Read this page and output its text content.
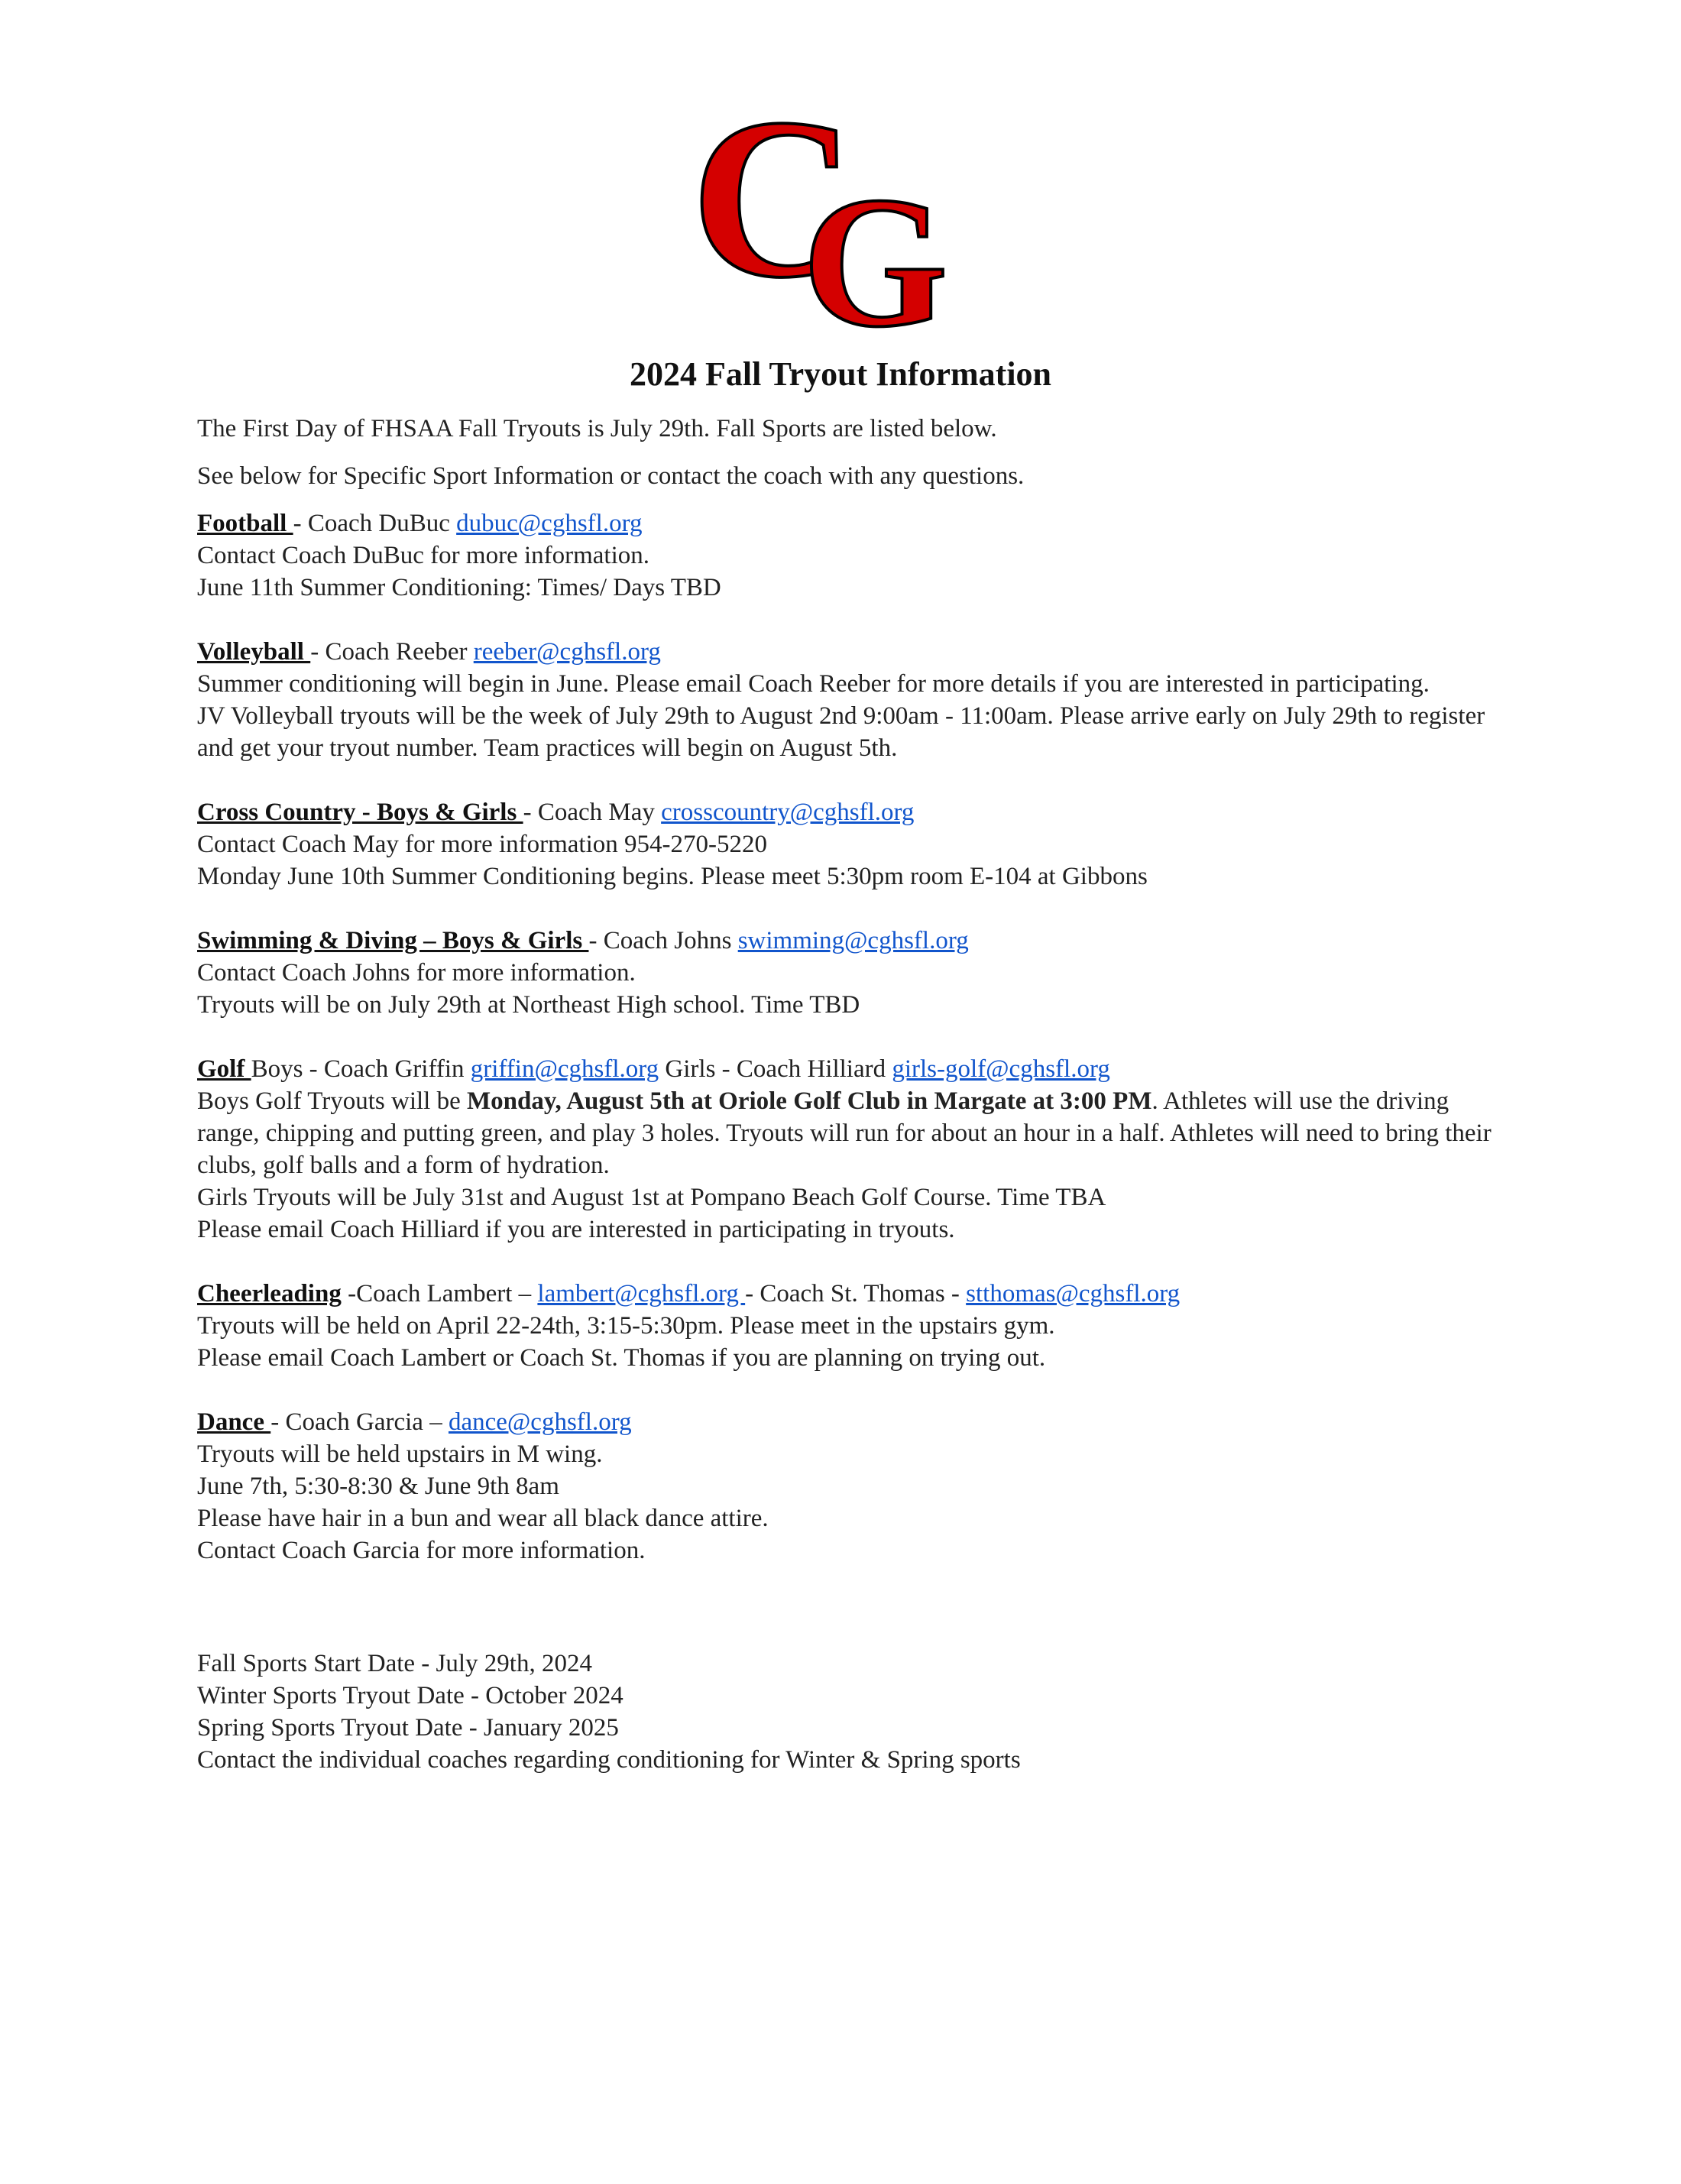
C
G
2024 Fall Tryout Information

The First Day of FHSAA Fall Tryouts is July 29th. Fall Sports are listed below.

See below for Specific Sport Information or contact the coach with any questions.

Football - Coach DuBuc dubuc@cghsfl.org
Contact Coach DuBuc for more information.
June 11th Summer Conditioning: Times/ Days TBD
Volleyball - Coach Reeber reeber@cghsfl.org
Summer conditioning will begin in June. Please email Coach Reeber for more details if you are interested in participating.
JV Volleyball tryouts will be the week of July 29th to August 2nd 9:00am - 11:00am. Please arrive early on July 29th to register and get your tryout number. Team practices will begin on August 5th.
Cross Country - Boys & Girls - Coach May crosscountry@cghsfl.org
Contact Coach May for more information 954-270-5220
Monday June 10th Summer Conditioning begins. Please meet 5:30pm room E-104 at Gibbons
Swimming & Diving – Boys & Girls - Coach Johns swimming@cghsfl.org
Contact Coach Johns for more information.
Tryouts will be on July 29th at Northeast High school. Time TBD
Golf Boys - Coach Griffin griffin@cghsfl.org Girls - Coach Hilliard girls-golf@cghsfl.org
Boys Golf Tryouts will be Monday, August 5th at Oriole Golf Club in Margate at 3:00 PM. Athletes will use the driving range, chipping and putting green, and play 3 holes. Tryouts will run for about an hour in a half. Athletes will need to bring their clubs, golf balls and a form of hydration.
Girls Tryouts will be July 31st and August 1st at Pompano Beach Golf Course. Time TBA
Please email Coach Hilliard if you are interested in participating in tryouts.
Cheerleading -Coach Lambert – lambert@cghsfl.org - Coach St. Thomas - stthomas@cghsfl.org
Tryouts will be held on April 22-24th, 3:15-5:30pm. Please meet in the upstairs gym.
Please email Coach Lambert or Coach St. Thomas if you are planning on trying out.
Dance - Coach Garcia – dance@cghsfl.org
Tryouts will be held upstairs in M wing.
June 7th, 5:30-8:30 & June 9th 8am
Please have hair in a bun and wear all black dance attire.
Contact Coach Garcia for more information.
Fall Sports Start Date - July 29th, 2024
Winter Sports Tryout Date - October 2024
Spring Sports Tryout Date - January 2025
Contact the individual coaches regarding conditioning for Winter & Spring sports
